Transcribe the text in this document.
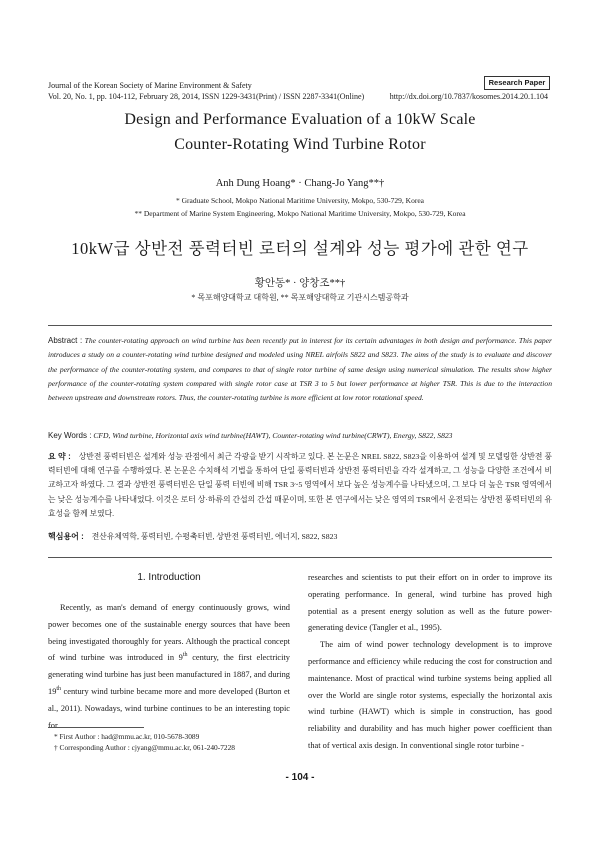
Journal of the Korean Society of Marine Environment & Safety	Research Paper
Vol. 20, No. 1, pp. 104-112, February 28, 2014, ISSN 1229-3431(Print) / ISSN 2287-3341(Online)	http://dx.doi.org/10.7837/kosomes.2014.20.1.104
Design and Performance Evaluation of a 10kW Scale
Counter-Rotating Wind Turbine Rotor
Anh Dung Hoang* · Chang-Jo Yang**†
* Graduate School, Mokpo National Maritime University, Mokpo, 530-729, Korea
** Department of Marine System Engineering, Mokpo National Maritime University, Mokpo, 530-729, Korea
10kW급 상반전 풍력터빈 로터의 설계와 성능 평가에 관한 연구
황안동* · 양창조**†
* 목포해양대학교 대학원, ** 목포해양대학교 기관시스템공학과
Abstract : The counter-rotating approach on wind turbine has been recently put in interest for its certain advantages in both design and performance. This paper introduces a study on a counter-rotating wind turbine designed and modeled using NREL airfoils S822 and S823. The aims of the study is to evaluate and discover the performance of the counter-rotating system, and compares to that of single rotor turbine of same design using numerical simulation. The results show higher performance of the counter-rotating system compared with single rotor case at TSR 3 to 5 but lower performance at higher TSR. This is due to the interaction between upstream and downstream rotors. Thus, the counter-rotating turbine is more efficient at low rotor rotational speed.
Key Words : CFD, Wind turbine, Horizontal axis wind turbine(HAWT), Counter-rotating wind turbine(CRWT), Energy, S822, S823
요 약 : 상반전 풍력터빈은 설계와 성능 관점에서 최근 각광을 받기 시작하고 있다. 본 논문은 NREL S822, S823을 이용하여 설계 및 모델링한 상반전 풍력터빈에 대해 연구를 수행하였다. 본 논문은 수치해석 기법을 통하여 단일 풍력터빈과 상반전 풍력터빈을 각각 설계하고, 그 성능을 다양한 조건에서 비교하고자 하였다. 그 결과 상반전 풍력터빈은 단일 풍력 터빈에 비해 TSR 3~5 영역에서 보다 높은 성능계수를 나타냈으며, 그 보다 더 높은 TSR 영역에서는 낮은 성능계수를 나타내었다. 이것은 로터 상·하류의 간섭의 간섭 때문이며, 또한 본 연구에서는 낮은 영역의 TSR에서 운전되는 상반전 풍력터빈의 유효성을 함께 보였다.
핵심용어 : 전산유체역학, 풍력터빈, 수평축터빈, 상반전 풍력터빈, 에너지, S822, S823
1. Introduction

Recently, as man's demand of energy continuously grows, wind power becomes one of the sustainable energy sources that have been being investigated thoroughly for years. Although the practical concept of wind turbine was introduced in 9th century, the first electricity generating wind turbine has just been manufactured in 1887, and during 19th century wind turbine became more and more developed (Burton et al., 2011). Nowadays, wind turbine continues to be an interesting topic for

researches and scientists to put their effort on in order to improve its operating performance. In general, wind turbine has proved high potential as a present energy solution as well as the future power-generating device (Tangler et al., 1995).

The aim of wind power technology development is to improve performance and efficiency while reducing the cost for construction and maintenance. Most of practical wind turbine systems being applied all over the World are single rotor systems, especially the horizontal axis wind turbine (HAWT) which is simple in construction, has good reliability and durability and has much higher power coefficient than that of vertical axis design. In conventional single rotor turbine -

* First Author : had@mmu.ac.kr, 010-5678-3089
† Corresponding Author : cjyang@mmu.ac.kr, 061-240-7228
- 104 -
